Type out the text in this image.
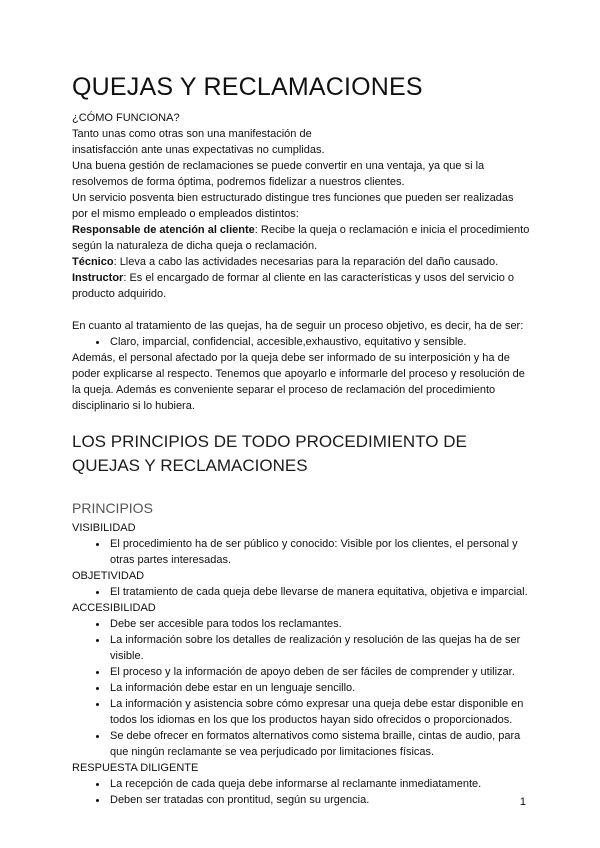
QUEJAS Y RECLAMACIONES

¿CÓMO FUNCIONA?

Tanto unas como otras son una manifestación de

insatisfacción ante unas expectativas no cumplidas.

Una buena gestión de reclamaciones se puede convertir en una ventaja, ya que si la resolvemos de forma óptima, podremos fidelizar a nuestros clientes.

Un servicio posventa bien estructurado distingue tres funciones que pueden ser realizadas por el mismo empleado o empleados distintos:

Responsable de atención al cliente: Recibe la queja o reclamación e inicia el procedimiento según la naturaleza de dicha queja o reclamación.

Técnico: Lleva a cabo las actividades necesarias para la reparación del daño causado.

Instructor: Es el encargado de formar al cliente en las características y usos del servicio o producto adquirido.

En cuanto al tratamiento de las quejas, ha de seguir un proceso objetivo, es decir, ha de ser:

• Claro, imparcial, confidencial, accesible,exhaustivo, equitativo y sensible.

Además, el personal afectado por la queja debe ser informado de su interposición y ha de poder explicarse al respecto. Tenemos que apoyarlo e informarle del proceso y resolución de la queja. Además es conveniente separar el proceso de reclamación del procedimiento disciplinario si lo hubiera.

LOS PRINCIPIOS DE TODO PROCEDIMIENTO DE QUEJAS Y RECLAMACIONES
PRINCIPIOS

VISIBILIDAD

• El procedimiento ha de ser público y conocido: Visible por los clientes, el personal y otras partes interesadas.

OBJETIVIDAD

• El tratamiento de cada queja debe llevarse de manera equitativa, objetiva e imparcial.

ACCESIBILIDAD

• Debe ser accesible para todos los reclamantes.
• La información sobre los detalles de realización y resolución de las quejas ha de ser visible.
• El proceso y la información de apoyo deben de ser fáciles de comprender y utilizar.
• La información debe estar en un lenguaje sencillo.
• La información y asistencia sobre cómo expresar una queja debe estar disponible en todos los idiomas en los que los productos hayan sido ofrecidos o proporcionados.
• Se debe ofrecer en formatos alternativos como sistema braille, cintas de audio, para que ningún reclamante se vea perjudicado por limitaciones físicas.

RESPUESTA DILIGENTE

• La recepción de cada queja debe informarse al reclamante inmediatamente.
• Deben ser tratadas con prontitud, según su urgencia.	1
